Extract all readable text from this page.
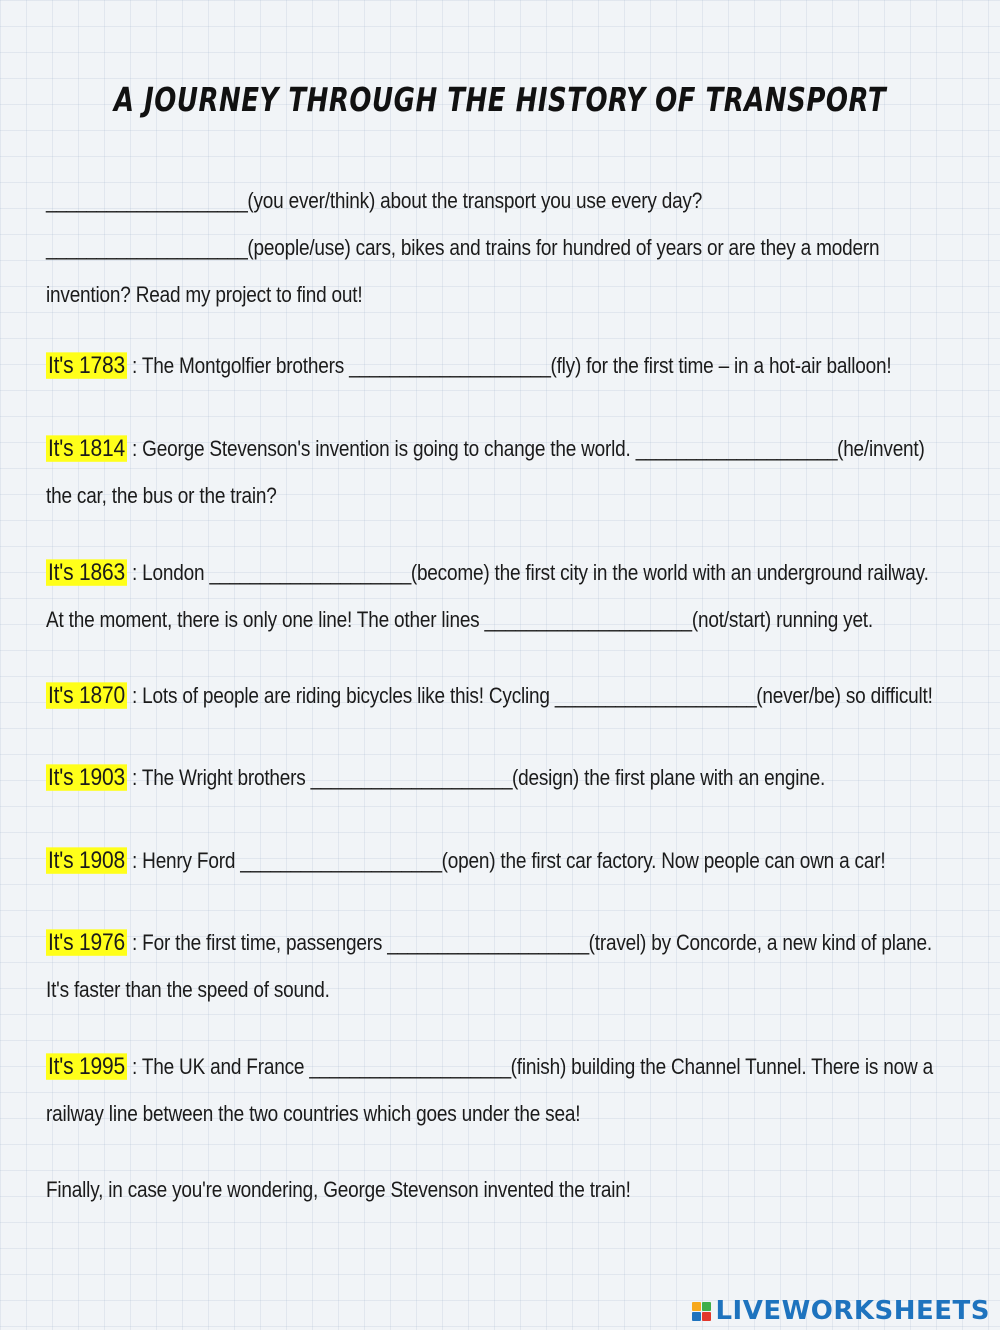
A JOURNEY THROUGH THE HISTORY OF TRANSPORT
____________________(you ever/think) about the transport you use every day?
____________________(people/use) cars, bikes and trains for hundred of years or are they a modern
invention? Read my project to find out!
It's 1783 : The Montgolfier brothers ____________________(fly) for the first time – in a hot-air balloon!
It's 1814 : George Stevenson's invention is going to change the world. ____________________(he/invent)
the car, the bus or the train?
It's 1863 : London ____________________(become) the first city in the world with an underground railway.
At the moment, there is only one line! The other lines ____________________(not/start) running yet.
It's 1870 : Lots of people are riding bicycles like this! Cycling ____________________(never/be) so difficult!
It's 1903 : The Wright brothers ____________________(design) the first plane with an engine.
It's 1908 : Henry Ford ____________________(open) the first car factory. Now people can own a car!
It's 1976 : For the first time, passengers ____________________(travel) by Concorde, a new kind of plane.
It's faster than the speed of sound.
It's 1995 : The UK and France ____________________(finish) building the Channel Tunnel. There is now a
railway line between the two countries which goes under the sea!
Finally, in case you're wondering, George Stevenson invented the train!
LIVEWORKSHEETS
